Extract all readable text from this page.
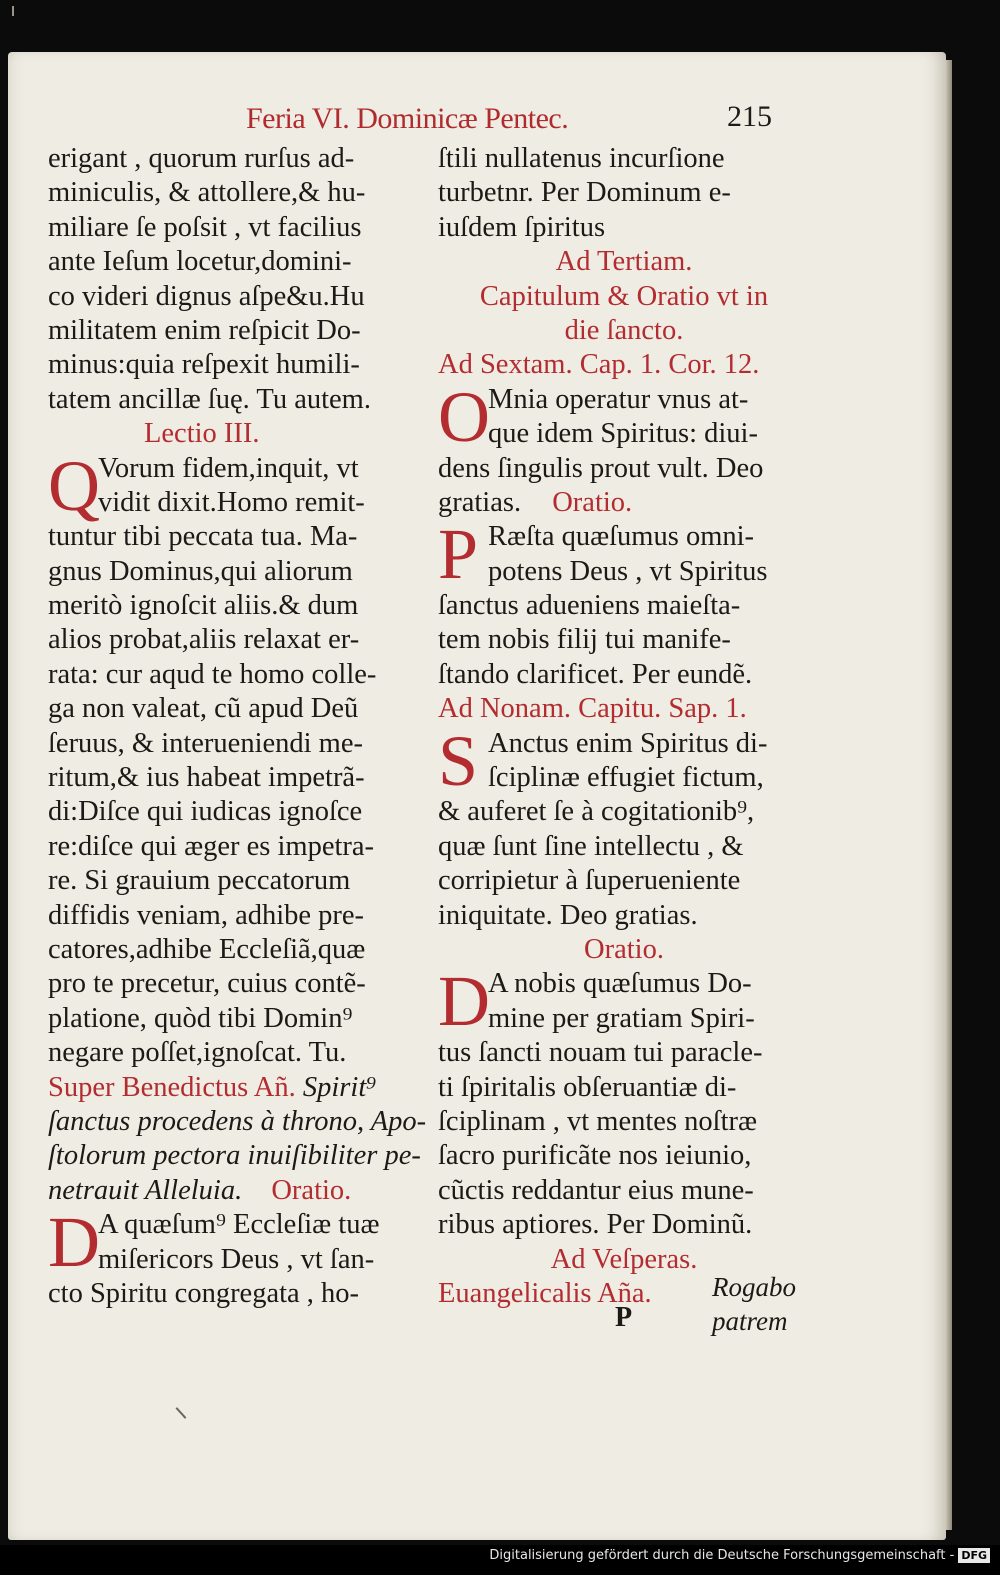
Feria VI. Dominicæ Pentec.	215
erigant , quorum rurſus ad-
miniculis, & attollere,& hu-
miliare ſe poſsit , vt facilius
ante Ieſum locetur,domini-
co videri dignus aſpe&u.Hu
militatem enim reſpicit Do-
minus:quia reſpexit humili-
tatem ancillæ ſuę. Tu autem.
Lectio III.
Q
Vorum fidem,inquit, vt
vidit dixit.Homo remit-
tuntur tibi peccata tua. Ma-
gnus Dominus,qui aliorum
meritò ignoſcit aliis.& dum
alios probat,aliis relaxat er-
rata: cur aqud te homo colle-
ga non valeat, cũ apud Deũ
ſeruus, & interueniendi me-
ritum,& ius habeat impetrã-
di:Diſce qui iudicas ignoſce
re:diſce qui æger es impetra-
re. Si grauium peccatorum
diffidis veniam, adhibe pre-
catores,adhibe Eccleſiã,quæ
pro te precetur, cuius contẽ-
platione, quòd tibi Domin⁹
negare poſſet,ignoſcat. Tu.
Super Benedictus Añ. Spirit⁹
ſanctus procedens à throno, Apo-
ſtolorum pectora inuiſibiliter pe-
netrauit Alleluia. Oratio.
D
A quæſum⁹ Eccleſiæ tuæ
miſericors Deus , vt ſan-
cto Spiritu congregata , ho-
ſtili nullatenus incurſione
turbetnr. Per Dominum e-
iuſdem ſpiritus
Ad Tertiam.
Capitulum & Oratio vt in
die ſancto.
Ad Sextam. Cap. 1. Cor. 12.
O
Mnia operatur vnus at-
que idem Spiritus: diui-
dens ſingulis prout vult. Deo
gratias. Oratio.
P Ræſta quæſumus omni-
potens Deus , vt Spiritus
ſanctus adueniens maieſta-
tem nobis filij tui manife-
ſtando clarificet. Per eundẽ.
Ad Nonam. Capitu. Sap. 1.
S Anctus enim Spiritus di-
ſciplinæ effugiet fictum,
& auferet ſe à cogitationib⁹,
quæ ſunt ſine intellectu , &
corripietur à ſuperueniente
iniquitate. Deo gratias.
Oratio.
D
A nobis quæſumus Do-
mine per gratiam Spiri-
tus ſancti nouam tui paracle-
ti ſpiritalis obſeruantiæ di-
ſciplinam , vt mentes noſtræ
ſacro purificãte nos ieiunio,
cũctis reddantur eius mune-
ribus aptiores. Per Dominũ.
Ad Veſperas.
Euangelicalis Aña.	Rogabo
patrem
P
Digitalisierung gefördert durch die Deutsche Forschungsgemeinschaft - DFG
